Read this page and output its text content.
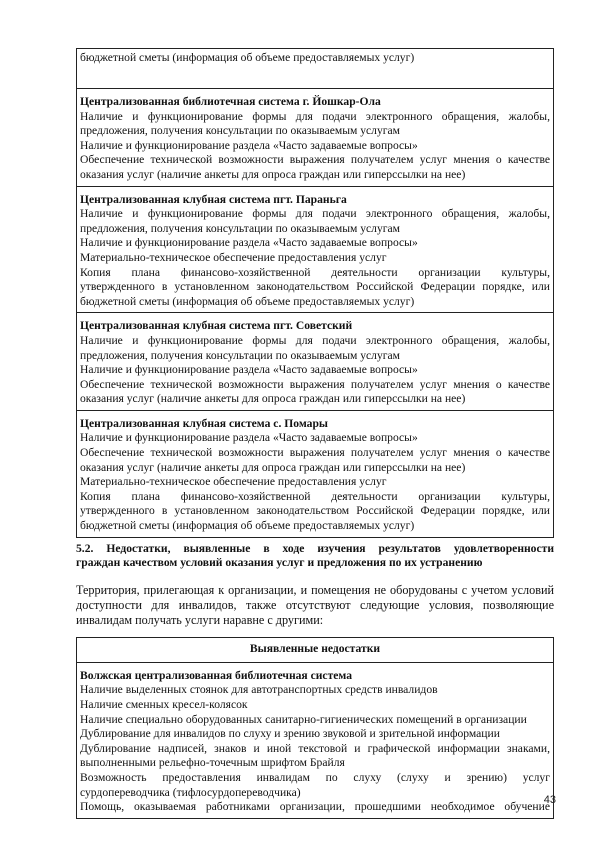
бюджетной сметы (информация об объеме предоставляемых услуг)

Централизованная библиотечная система г. Йошкар-Ола
Наличие и функционирование формы для подачи электронного обращения, жалобы,
предложения, получения консультации по оказываемым услугам
Наличие и функционирование раздела «Часто задаваемые вопросы»
Обеспечение технической возможности выражения получателем услуг мнения о качестве
оказания услуг (наличие анкеты для опроса граждан или гиперссылки на нее)

Централизованная клубная система пгт. Параньга
Наличие и функционирование формы для подачи электронного обращения, жалобы,
предложения, получения консультации по оказываемым услугам
Наличие и функционирование раздела «Часто задаваемые вопросы»
Материально-техническое обеспечение предоставления услуг
Копия плана финансово-хозяйственной деятельности организации культуры,
утвержденного в установленном законодательством Российской Федерации порядке, или
бюджетной сметы (информация об объеме предоставляемых услуг)

Централизованная клубная система пгт. Советский
Наличие и функционирование формы для подачи электронного обращения, жалобы,
предложения, получения консультации по оказываемым услугам
Наличие и функционирование раздела «Часто задаваемые вопросы»
Обеспечение технической возможности выражения получателем услуг мнения о качестве
оказания услуг (наличие анкеты для опроса граждан или гиперссылки на нее)

Централизованная клубная система с. Помары
Наличие и функционирование раздела «Часто задаваемые вопросы»
Обеспечение технической возможности выражения получателем услуг мнения о качестве
оказания услуг (наличие анкеты для опроса граждан или гиперссылки на нее)
Материально-техническое обеспечение предоставления услуг
Копия плана финансово-хозяйственной деятельности организации культуры,
утвержденного в установленном законодательством Российской Федерации порядке, или
бюджетной сметы (информация об объеме предоставляемых услуг)
5.2. Недостатки, выявленные в ходе изучения результатов удовлетворенности
граждан качеством условий оказания услуг и предложения по их устранению
Территория, прилегающая к организации, и помещения не оборудованы с учетом условий
доступности для инвалидов, также отсутствуют следующие условия, позволяющие
инвалидам получать услуги наравне с другими:
Выявленные недостатки

Волжская централизованная библиотечная система
Наличие выделенных стоянок для автотранспортных средств инвалидов
Наличие сменных кресел-колясок
Наличие специально оборудованных санитарно-гигиенических помещений в организации
Дублирование для инвалидов по слуху и зрению звуковой и зрительной информации
Дублирование надписей, знаков и иной текстовой и графической информации знаками,
выполненными рельефно-точечным шрифтом Брайля
Возможность предоставления инвалидам по слуху (слуху и зрению) услуг
сурдопереводчика (тифлосурдопереводчика)
Помощь, оказываемая работниками организации, прошедшими необходимое обучение
43
